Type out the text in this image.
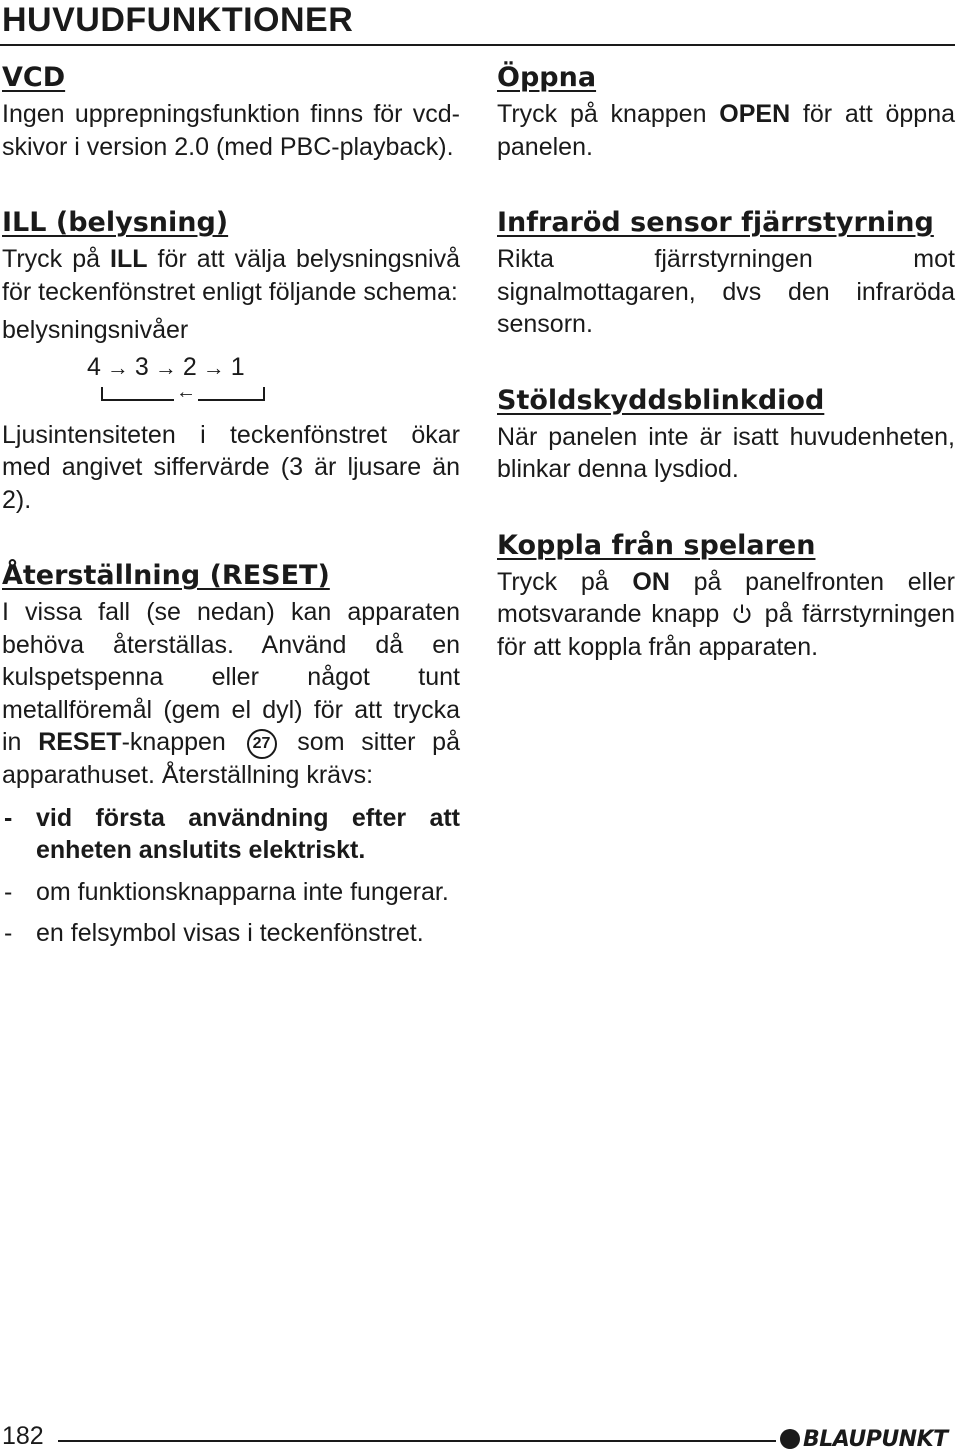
HUVUDFUNKTIONER
VCD

Ingen upprepningsfunktion finns för vcd-skivor i version 2.0 (med PBC-playback).

ILL (belysning)

Tryck på ILL för att välja belysningsnivå för teckenfönstret enligt följande schema:

belysningsnivåer

4 → 3 → 2 → 1
←

Ljusintensiteten i teckenfönstret ökar med angivet siffervärde (3 är ljusare än 2).

Återställning (RESET)

I vissa fall (se nedan) kan apparaten behöva återställas. Använd då en kulspetspenna eller något tunt metallföremål (gem el dyl) för att trycka in RESET-knappen 27 som sitter på apparathuset. Återställning krävs:

- vid första användning efter att enheten anslutits elektriskt.
- om funktionsknapparna inte fungerar.
- en felsymbol visas i teckenfönstret.
Öppna

Tryck på knappen OPEN för att öppna panelen.

Infraröd sensor fjärrstyrning

Rikta fjärrstyrningen mot signalmottagaren, dvs den infraröda sensorn.

Stöldskyddsblinkdiod

När panelen inte är isatt huvudenheten, blinkar denna lysdiod.

Koppla från spelaren

Tryck på ON på panelfronten eller motsvarande knapp  på färrstyrningen för att koppla från apparaten.

182	BLAUPUNKT
